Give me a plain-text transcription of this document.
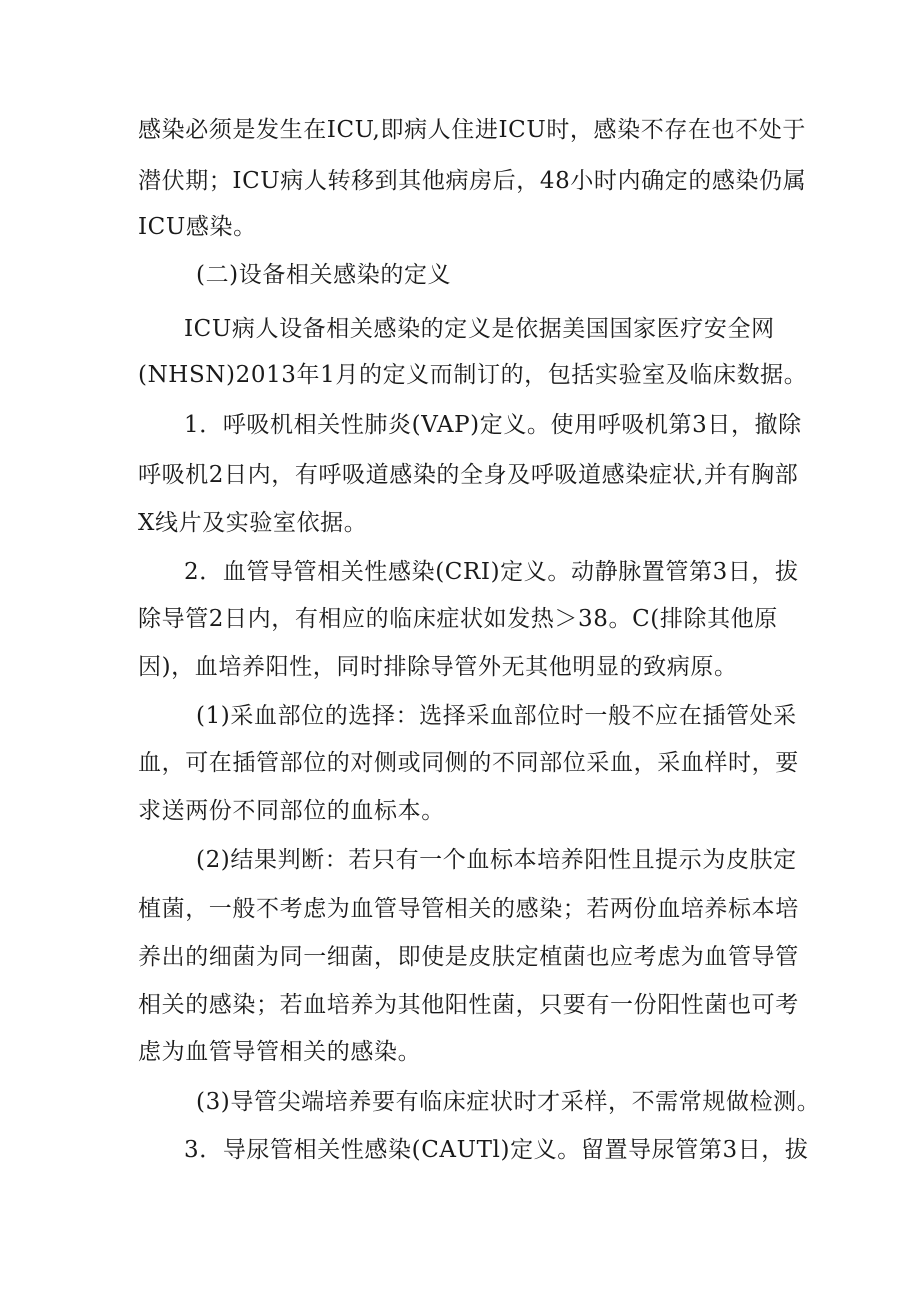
感染必须是发生在ICU,即病人住进ICU时，感染不存在也不处于
潜伏期；ICU病人转移到其他病房后，48小时内确定的感染仍属
ICU感染。
(二)设备相关感染的定义
ICU病人设备相关感染的定义是依据美国国家医疗安全网
(NHSN)2013年1月的定义而制订的，包括实验室及临床数据。
1．呼吸机相关性肺炎(VAP)定义。使用呼吸机第3日，撤除
呼吸机2日内，有呼吸道感染的全身及呼吸道感染症状,并有胸部
X线片及实验室依据。
2．血管导管相关性感染(CRI)定义。动静脉置管第3日，拔
除导管2日内，有相应的临床症状如发热＞38。C(排除其他原
因)，血培养阳性，同时排除导管外无其他明显的致病原。
(1)采血部位的选择：选择采血部位时一般不应在插管处采
血，可在插管部位的对侧或同侧的不同部位采血，采血样时，要
求送两份不同部位的血标本。
(2)结果判断：若只有一个血标本培养阳性且提示为皮肤定
植菌，一般不考虑为血管导管相关的感染；若两份血培养标本培
养出的细菌为同一细菌，即使是皮肤定植菌也应考虑为血管导管
相关的感染；若血培养为其他阳性菌，只要有一份阳性菌也可考
虑为血管导管相关的感染。
(3)导管尖端培养要有临床症状时才采样，不需常规做检测。
3．导尿管相关性感染(CAUTl)定义。留置导尿管第3日，拔
